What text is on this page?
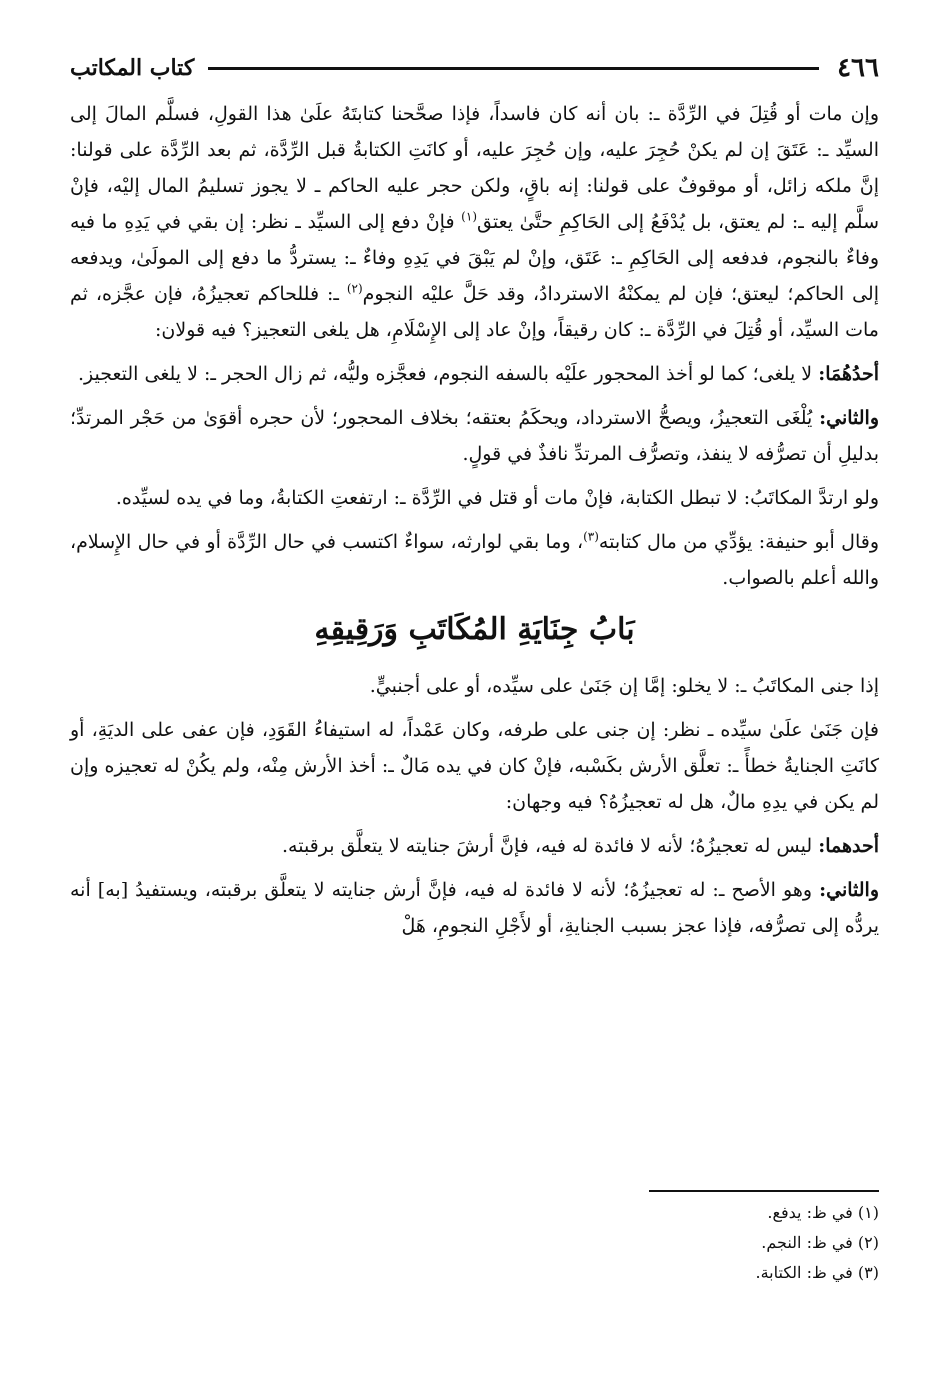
٤٦٦
كتاب المكاتب

وإن مات أو قُتِلَ في الرِّدَّة ـ: بان أنه كان فاسداً، فإذا صحَّحنا كتابتَهُ علَىٰ هذا القولِ، فسلَّم المالَ إلى السيِّد ـ: عَتَقَ إن لم يكنْ حُجِرَ عليه، وإن حُجِرَ عليه، أو كانَتِ الكتابةُ قبل الرِّدَّة، ثم بعد الرِّدَّة على قولنا: إنَّ ملكه زائل، أو موقوفٌ على قولنا: إنه باقٍ، ولكن حجر عليه الحاكم ـ لا يجوز تسليمُ المال إليْه، فإنْ سلَّم إليه ـ: لم يعتق، بل يُدْفَعُ إلى الحَاكِمِ حتَّىٰ يعتق$^{(١)}$ فإنْ دفع إلى السيِّد ـ نظر: إن بقي في يَدِهِ ما فيه وفاءٌ بالنجوم، فدفعه إلى الحَاكِمِ ـ: عَتَق، وإنْ لم يَبْقَ في يَدِهِ وفاءٌ ـ: يستردُّ ما دفع إلى المولَىٰ، ويدفعه إلى الحاكم؛ ليعتق؛ فإن لم يمكنْهُ الاستردادُ، وقد حَلَّ عليْه النجوم$^{(٢)}$ ـ: فللحاكم تعجيزُهُ، فإن عجَّزه، ثم مات السيِّد، أو قُتِلَ في الرِّدَّة ـ: كان رقيقاً، وإنْ عاد إلى الإِسْلَامِ، هل يلغى التعجيز؟ فيه قولان:

أحدُهُمَا: لا يلغى؛ كما لو أخذ المحجور علَيْه بالسفه النجوم، فعجَّزه وليُّه، ثم زال الحجر ـ: لا يلغى التعجيز.

والثاني: يُلْغَى التعجيزُ، ويصحُّ الاسترداد، ويحكَمُ بعتقه؛ بخلاف المحجور؛ لأن حجره أقوَىٰ من حَجْر المرتدِّ؛ بدليلِ أن تصرُّفه لا ينفذ، وتصرُّف المرتدِّ نافذٌ في قولٍ.

ولو ارتدَّ المكاتَبُ: لا تبطل الكتابة، فإنْ مات أو قتل في الرِّدَّة ـ: ارتفعتِ الكتابةُ، وما في يده لسيِّده.

وقال أبو حنيفة: يؤدِّي من مال كتابته$^{(٣)}$، وما بقي لوارثه، سواءٌ اكتسب في حال الرِّدَّة أو في حال الإِسلام، والله أعلم بالصواب.

بَابُ جِنَايَةِ المُكَاتَبِ وَرَقِيقِهِ

إذا جنى المكاتَبُ ـ: لا يخلو: إمَّا إن جَنَىٰ على سيِّده، أو على أجنبيٍّ.

فإن جَنَىٰ علَىٰ سيِّده ـ نظر: إن جنى على طرفه، وكان عَمْداً، له استيفاءُ القَوَدِ، فإن عفى على الديَةِ، أو كانَتِ الجنايةُ خطأً ـ: تعلَّق الأرش بكَسْبه، فإنْ كان في يده مَالٌ ـ: أخذ الأرش مِنْه، ولم يكُنْ له تعجيزه وإن لم يكن في يدِهِ مالٌ، هل له تعجيزُهُ؟ فيه وجهان:

أحدهما: ليس له تعجيزُهُ؛ لأنه لا فائدة له فيه، فإنَّ أرشَ جنايته لا يتعلَّق برقبته.

والثاني: وهو الأصح ـ: له تعجيزُهُ؛ لأنه لا فائدة له فيه، فإنَّ أرش جنايته لا يتعلَّق برقبته، ويستفيدُ [به] أنه يردُّه إلى تصرُّفه، فإذا عجز بسبب الجنايةِ، أو لأَجْلِ النجومِ، هَلْ

(١) في ظ: يدفع.
(٢) في ظ: النجم.
(٣) في ظ: الكتابة.
